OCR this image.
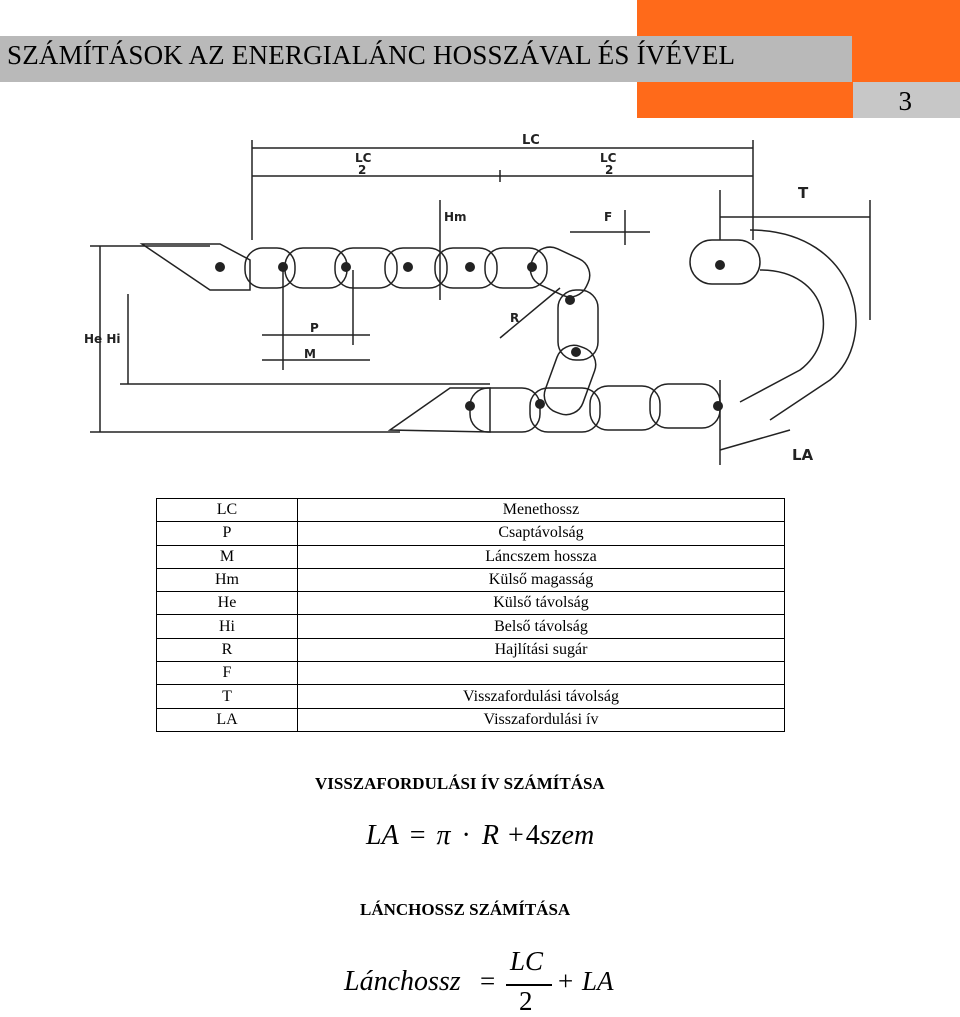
SZÁMÍTÁSOK AZ ENERGIALÁNC HOSSZÁVAL ÉS ÍVÉVEL
3
LC
LC
2
LC
2
Hm	F
T
P
M
R
He Hi
LA
LC	Menethossz
P	Csaptávolság
M	Láncszem hossza
Hm	Külső magasság
He	Külső távolság
Hi	Belső távolság
R	Hajlítási sugár
F	
T	Visszafordulási távolság
LA	Visszafordulási ív
VISSZAFORDULÁSI ÍV SZÁMÍTÁSA
LA = π · R +4szem
LÁNCHOSSZ SZÁMÍTÁSA
Lánchossz =
LC
2
+ LA
